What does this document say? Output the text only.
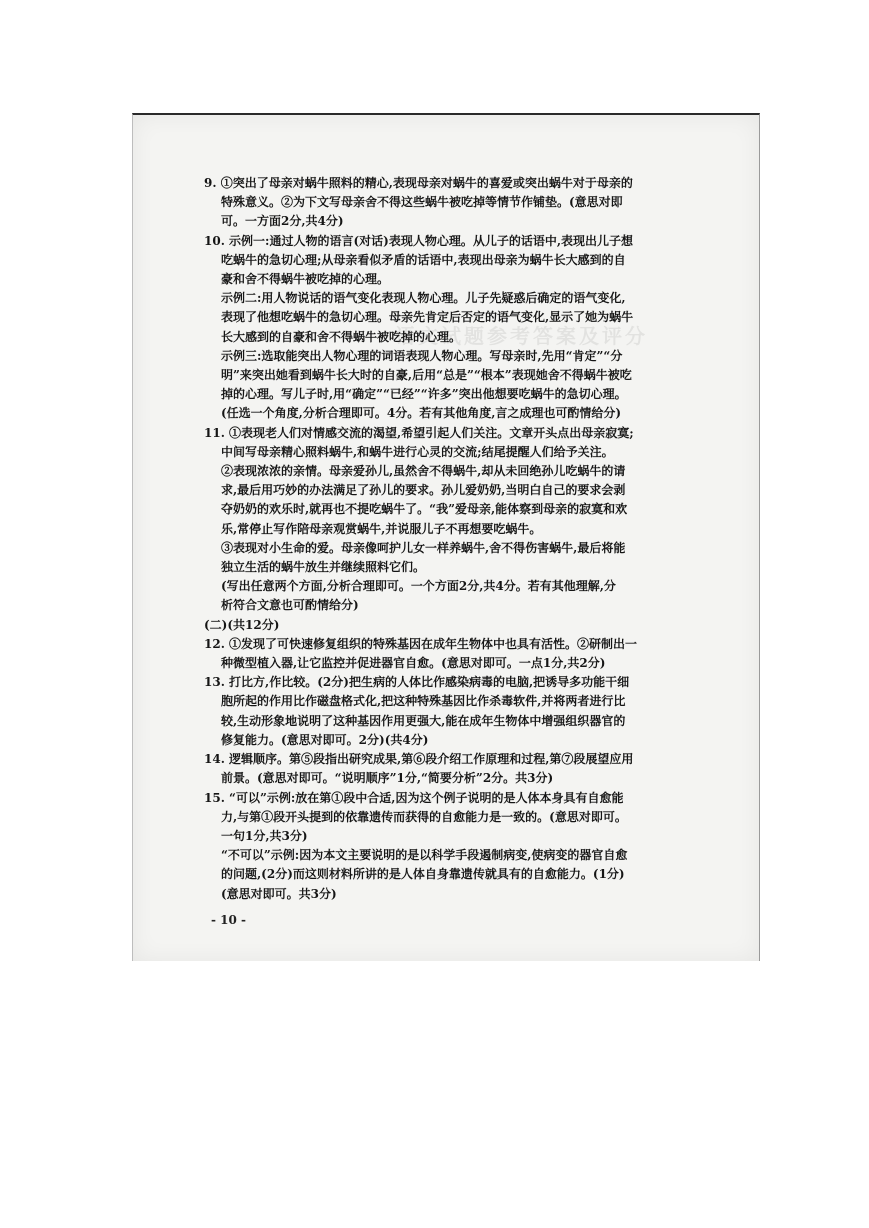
语文试题参考答案及评分
9. ①突出了母亲对蜗牛照料的精心,表现母亲对蜗牛的喜爱或突出蜗牛对于母亲的
特殊意义。②为下文写母亲舍不得这些蜗牛被吃掉等情节作铺垫。(意思对即
可。一方面2分,共4分)
10. 示例一:通过人物的语言(对话)表现人物心理。从儿子的话语中,表现出儿子想
吃蜗牛的急切心理;从母亲看似矛盾的话语中,表现出母亲为蜗牛长大感到的自
豪和舍不得蜗牛被吃掉的心理。
示例二:用人物说话的语气变化表现人物心理。儿子先疑惑后确定的语气变化,
表现了他想吃蜗牛的急切心理。母亲先肯定后否定的语气变化,显示了她为蜗牛
长大感到的自豪和舍不得蜗牛被吃掉的心理。
示例三:选取能突出人物心理的词语表现人物心理。写母亲时,先用“肯定”“分
明”来突出她看到蜗牛长大时的自豪,后用“总是”“根本”表现她舍不得蜗牛被吃
掉的心理。写儿子时,用“确定”“已经”“许多”突出他想要吃蜗牛的急切心理。
(任选一个角度,分析合理即可。4分。若有其他角度,言之成理也可酌情给分)
11. ①表现老人们对情感交流的渴望,希望引起人们关注。文章开头点出母亲寂寞;
中间写母亲精心照料蜗牛,和蜗牛进行心灵的交流;结尾提醒人们给予关注。
②表现浓浓的亲情。母亲爱孙儿,虽然舍不得蜗牛,却从未回绝孙儿吃蜗牛的请
求,最后用巧妙的办法满足了孙儿的要求。孙儿爱奶奶,当明白自己的要求会剥
夺奶奶的欢乐时,就再也不提吃蜗牛了。“我”爱母亲,能体察到母亲的寂寞和欢
乐,常停止写作陪母亲观赏蜗牛,并说服儿子不再想要吃蜗牛。
③表现对小生命的爱。母亲像呵护儿女一样养蜗牛,舍不得伤害蜗牛,最后将能
独立生活的蜗牛放生并继续照料它们。
(写出任意两个方面,分析合理即可。一个方面2分,共4分。若有其他理解,分
析符合文意也可酌情给分)
(二)(共12分)
12. ①发现了可快速修复组织的特殊基因在成年生物体中也具有活性。②研制出一
种微型植入器,让它监控并促进器官自愈。(意思对即可。一点1分,共2分)
13. 打比方,作比较。(2分)把生病的人体比作感染病毒的电脑,把诱导多功能干细
胞所起的作用比作磁盘格式化,把这种特殊基因比作杀毒软件,并将两者进行比
较,生动形象地说明了这种基因作用更强大,能在成年生物体中增强组织器官的
修复能力。(意思对即可。2分)(共4分)
14. 逻辑顺序。第⑤段指出研究成果,第⑥段介绍工作原理和过程,第⑦段展望应用
前景。(意思对即可。“说明顺序”1分,“简要分析”2分。共3分)
15. “可以”示例:放在第①段中合适,因为这个例子说明的是人体本身具有自愈能
力,与第①段开头提到的依靠遗传而获得的自愈能力是一致的。(意思对即可。
一句1分,共3分)
“不可以”示例:因为本文主要说明的是以科学手段遏制病变,使病变的器官自愈
的问题,(2分)而这则材料所讲的是人体自身靠遗传就具有的自愈能力。(1分)
(意思对即可。共3分)
- 10 -
